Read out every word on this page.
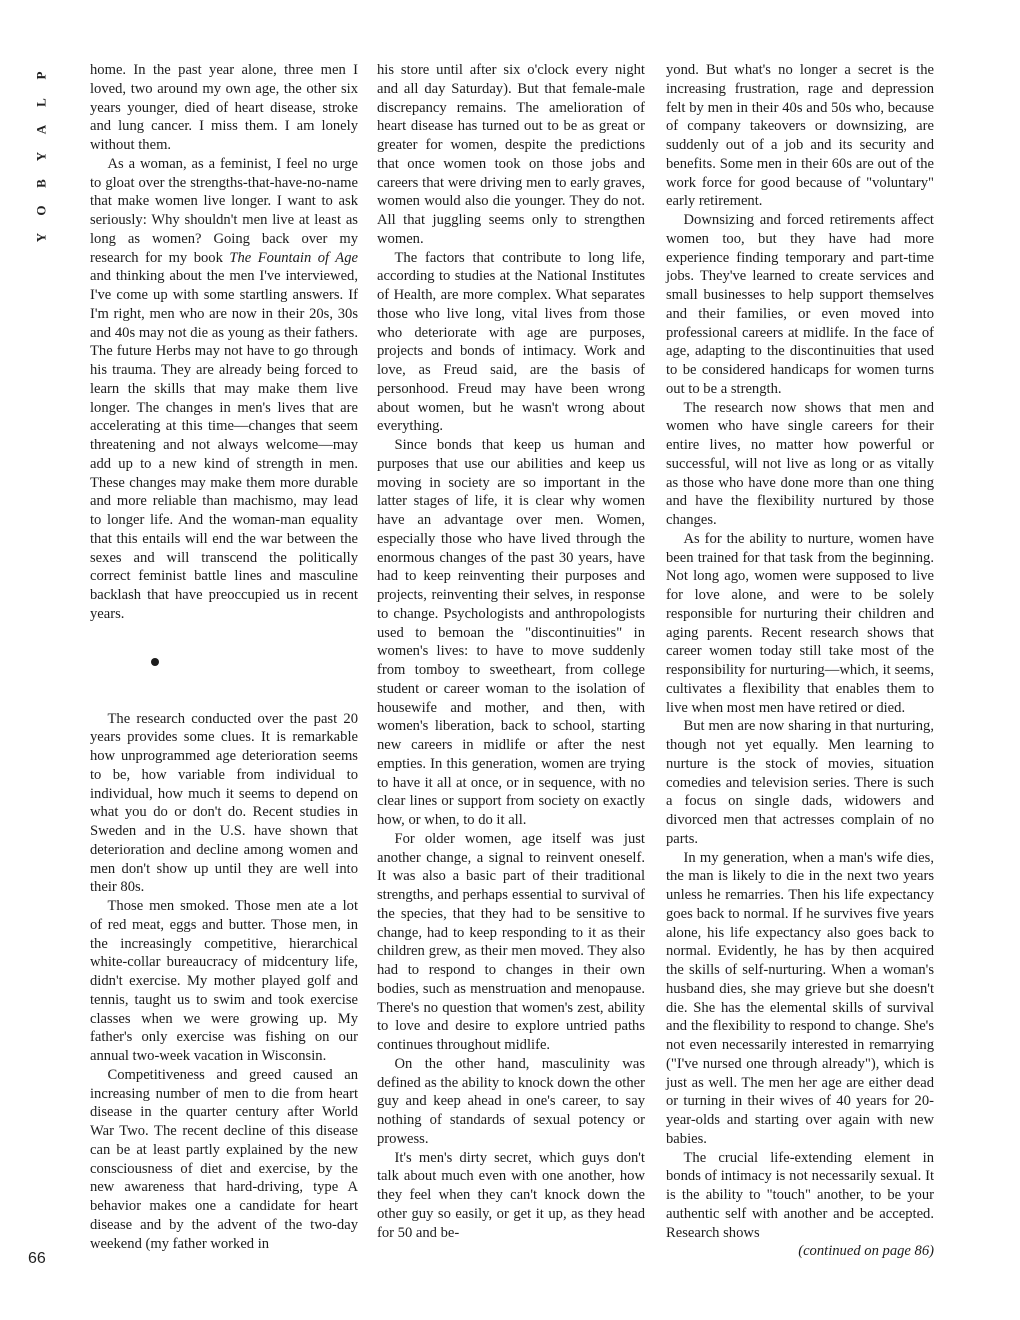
P
L
A
Y
B
O
Y
66

home. In the past year alone, three men I loved, two around my own age, the other six years younger, died of heart disease, stroke and lung cancer. I miss them. I am lonely without them.

As a woman, as a feminist, I feel no urge to gloat over the strengths-that-have-no-name that make women live longer. I want to ask seriously: Why shouldn't men live at least as long as women? Going back over my research for my book The Fountain of Age and thinking about the men I've interviewed, I've come up with some startling answers. If I'm right, men who are now in their 20s, 30s and 40s may not die as young as their fathers. The future Herbs may not have to go through his trauma. They are already being forced to learn the skills that may make them live longer. The changes in men's lives that are accelerating at this time—changes that seem threatening and not always welcome—may add up to a new kind of strength in men. These changes may make them more durable and more reliable than machismo, may lead to longer life. And the woman-man equality that this entails will end the war between the sexes and will transcend the politically correct feminist battle lines and masculine backlash that have preoccupied us in recent years.

The research conducted over the past 20 years provides some clues. It is remarkable how unprogrammed age deterioration seems to be, how variable from individual to individual, how much it seems to depend on what you do or don't do. Recent studies in Sweden and in the U.S. have shown that deterioration and decline among women and men don't show up until they are well into their 80s.

Those men smoked. Those men ate a lot of red meat, eggs and butter. Those men, in the increasingly competitive, hierarchical white-collar bureaucracy of midcentury life, didn't exercise. My mother played golf and tennis, taught us to swim and took exercise classes when we were growing up. My father's only exercise was fishing on our annual two-week vacation in Wisconsin.

Competitiveness and greed caused an increasing number of men to die from heart disease in the quarter century after World War Two. The recent decline of this disease can be at least partly explained by the new consciousness of diet and exercise, by the new awareness that hard-driving, type A behavior makes one a candidate for heart disease and by the advent of the two-day weekend (my father worked in

his store until after six o'clock every night and all day Saturday). But that female-male discrepancy remains. The amelioration of heart disease has turned out to be as great or greater for women, despite the predictions that once women took on those jobs and careers that were driving men to early graves, women would also die younger. They do not. All that juggling seems only to strengthen women.

The factors that contribute to long life, according to studies at the National Institutes of Health, are more complex. What separates those who live long, vital lives from those who deteriorate with age are purposes, projects and bonds of intimacy. Work and love, as Freud said, are the basis of personhood. Freud may have been wrong about women, but he wasn't wrong about everything.

Since bonds that keep us human and purposes that use our abilities and keep us moving in society are so important in the latter stages of life, it is clear why women have an advantage over men. Women, especially those who have lived through the enormous changes of the past 30 years, have had to keep reinventing their purposes and projects, reinventing their selves, in response to change. Psychologists and anthropologists used to bemoan the "discontinuities" in women's lives: to have to move suddenly from tomboy to sweetheart, from college student or career woman to the isolation of housewife and mother, and then, with women's liberation, back to school, starting new careers in midlife or after the nest empties. In this generation, women are trying to have it all at once, or in sequence, with no clear lines or support from society on exactly how, or when, to do it all.

For older women, age itself was just another change, a signal to reinvent oneself. It was also a basic part of their traditional strengths, and perhaps essential to survival of the species, that they had to be sensitive to change, had to keep responding to it as their children grew, as their men moved. They also had to respond to changes in their own bodies, such as menstruation and menopause. There's no question that women's zest, ability to love and desire to explore untried paths continues throughout midlife.

On the other hand, masculinity was defined as the ability to knock down the other guy and keep ahead in one's career, to say nothing of standards of sexual potency or prowess.

It's men's dirty secret, which guys don't talk about much even with one another, how they feel when they can't knock down the other guy so easily, or get it up, as they head for 50 and be-

yond. But what's no longer a secret is the increasing frustration, rage and depression felt by men in their 40s and 50s who, because of company takeovers or downsizing, are suddenly out of a job and its security and benefits. Some men in their 60s are out of the work force for good because of "voluntary" early retirement.

Downsizing and forced retirements affect women too, but they have had more experience finding temporary and part-time jobs. They've learned to create services and small businesses to help support themselves and their families, or even moved into professional careers at midlife. In the face of age, adapting to the discontinuities that used to be considered handicaps for women turns out to be a strength.

The research now shows that men and women who have single careers for their entire lives, no matter how powerful or successful, will not live as long or as vitally as those who have done more than one thing and have the flexibility nurtured by those changes.

As for the ability to nurture, women have been trained for that task from the beginning. Not long ago, women were supposed to live for love alone, and were to be solely responsible for nurturing their children and aging parents. Recent research shows that career women today still take most of the responsibility for nurturing—which, it seems, cultivates a flexibility that enables them to live when most men have retired or died.

But men are now sharing in that nurturing, though not yet equally. Men learning to nurture is the stock of movies, situation comedies and television series. There is such a focus on single dads, widowers and divorced men that actresses complain of no parts.

In my generation, when a man's wife dies, the man is likely to die in the next two years unless he remarries. Then his life expectancy goes back to normal. If he survives five years alone, his life expectancy also goes back to normal. Evidently, he has by then acquired the skills of self-nurturing. When a woman's husband dies, she may grieve but she doesn't die. She has the elemental skills of survival and the flexibility to respond to change. She's not even necessarily interested in remarrying ("I've nursed one through already"), which is just as well. The men her age are either dead or turning in their wives of 40 years for 20-year-olds and starting over again with new babies.

The crucial life-extending element in bonds of intimacy is not necessarily sexual. It is the ability to "touch" another, to be your authentic self with another and be accepted. Research shows

(continued on page 86)
